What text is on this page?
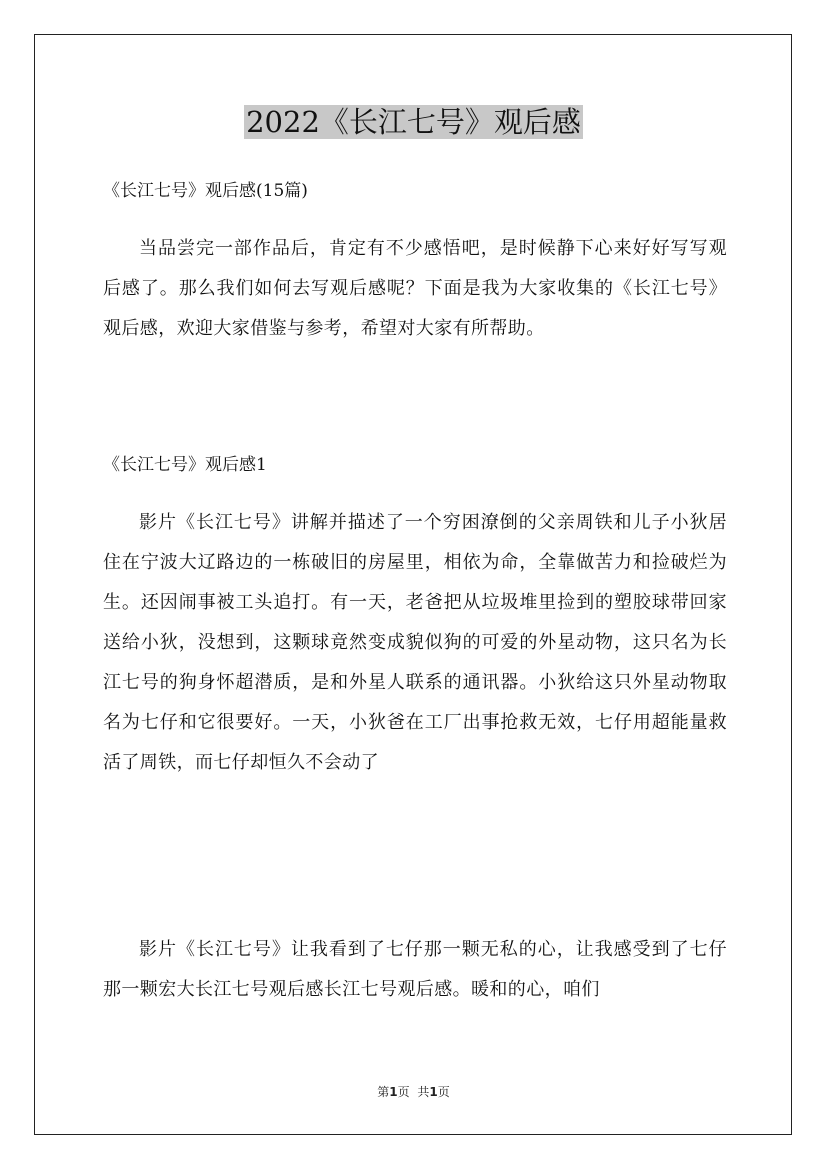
2022《长江七号》观后感

《长江七号》观后感(15篇)

当品尝完一部作品后，肯定有不少感悟吧，是时候静下心来好好写写观后感了。那么我们如何去写观后感呢？下面是我为大家收集的《长江七号》观后感，欢迎大家借鉴与参考，希望对大家有所帮助。

《长江七号》观后感1

影片《长江七号》讲解并描述了一个穷困潦倒的父亲周铁和儿子小狄居住在宁波大辽路边的一栋破旧的房屋里，相依为命，全靠做苦力和捡破烂为生。还因闹事被工头追打。有一天，老爸把从垃圾堆里捡到的塑胶球带回家送给小狄，没想到，这颗球竟然变成貌似狗的可爱的外星动物，这只名为长江七号的狗身怀超潜质，是和外星人联系的通讯器。小狄给这只外星动物取名为七仔和它很要好。一天，小狄爸在工厂出事抢救无效，七仔用超能量救活了周铁，而七仔却恒久不会动了

影片《长江七号》让我看到了七仔那一颗无私的心，让我感受到了七仔那一颗宏大长江七号观后感长江七号观后感。暖和的心，咱们

第1页 共1页
